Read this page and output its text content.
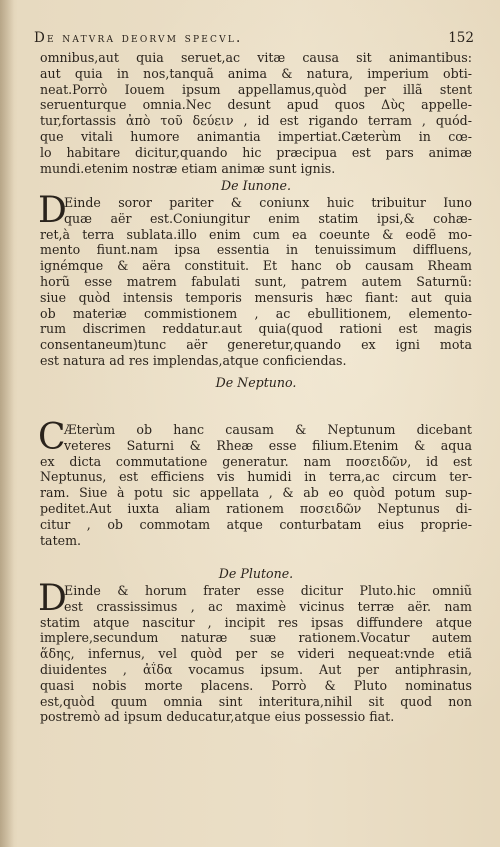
De natvra deorvm specvl.	152
omnibus,aut quia seruet,ac vitæ causa sit animantibus:
aut quia in nos,tanquã anima & natura, imperium obti-
neat.Porrò Iouem ipsum appellamus,quòd per illã stent
seruenturque omnia.Nec desunt apud quos Δὺς appelle-
tur,fortassis ἀπὸ τοῦ δεύειν , id est rigando terram , quód-
que vitali humore animantia impertiat.Cæterùm in cœ-
lo habitare dicitur,quando hic præcipua est pars animæ
mundi.etenim nostræ etiam animæ sunt ignis.
De Iunone.
D
Einde soror pariter & coniunx huic tribuitur Iuno
quæ aër est.Coniungitur enim statim ipsi,& cohæ-
ret,à terra sublata.illo enim cum ea coeunte & eodẽ mo-
mento fiunt.nam ipsa essentia in tenuissimum diffluens,
ignémque & aëra constituit. Et hanc ob causam Rheam
horũ esse matrem fabulati sunt, patrem autem Saturnũ:
siue quòd intensis temporis mensuris hæc fiant: aut quia
ob materiæ commistionem , ac ebullitionem, elemento-
rum discrimen reddatur.aut quia(quod rationi est magis
consentaneum)tunc aër generetur,quando ex igni mota
est natura ad res implendas,atque conficiendas.
De Neptuno.
C
Æterùm ob hanc causam & Neptunum dicebant
veteres Saturni & Rheæ esse filium.Etenim & aqua
ex dicta commutatione generatur. nam ποσειδῶν, id est
Neptunus, est efficiens vis humidi in terra,ac circum ter-
ram. Siue à potu sic appellata , & ab eo quòd potum sup-
peditet.Aut iuxta aliam rationem ποσειδῶν Neptunus di-
citur , ob commotam atque conturbatam eius proprie-
tatem.
De Plutone.
D
Einde & horum frater esse dicitur Pluto.hic omniũ
est crassissimus , ac maximè vicinus terræ aër. nam
statim atque nascitur , incipit res ipsas diffundere atque
implere,secundum naturæ suæ rationem.Vocatur autem
ἅδης, infernus, vel quòd per se videri nequeat:vnde etiã
diuidentes , ἀΐδα vocamus ipsum. Aut per antiphrasin,
quasi nobis morte placens. Porrò & Pluto nominatus
est,quòd quum omnia sint interitura,nihil sit quod non
postremò ad ipsum deducatur,atque eius possessio fiat.
